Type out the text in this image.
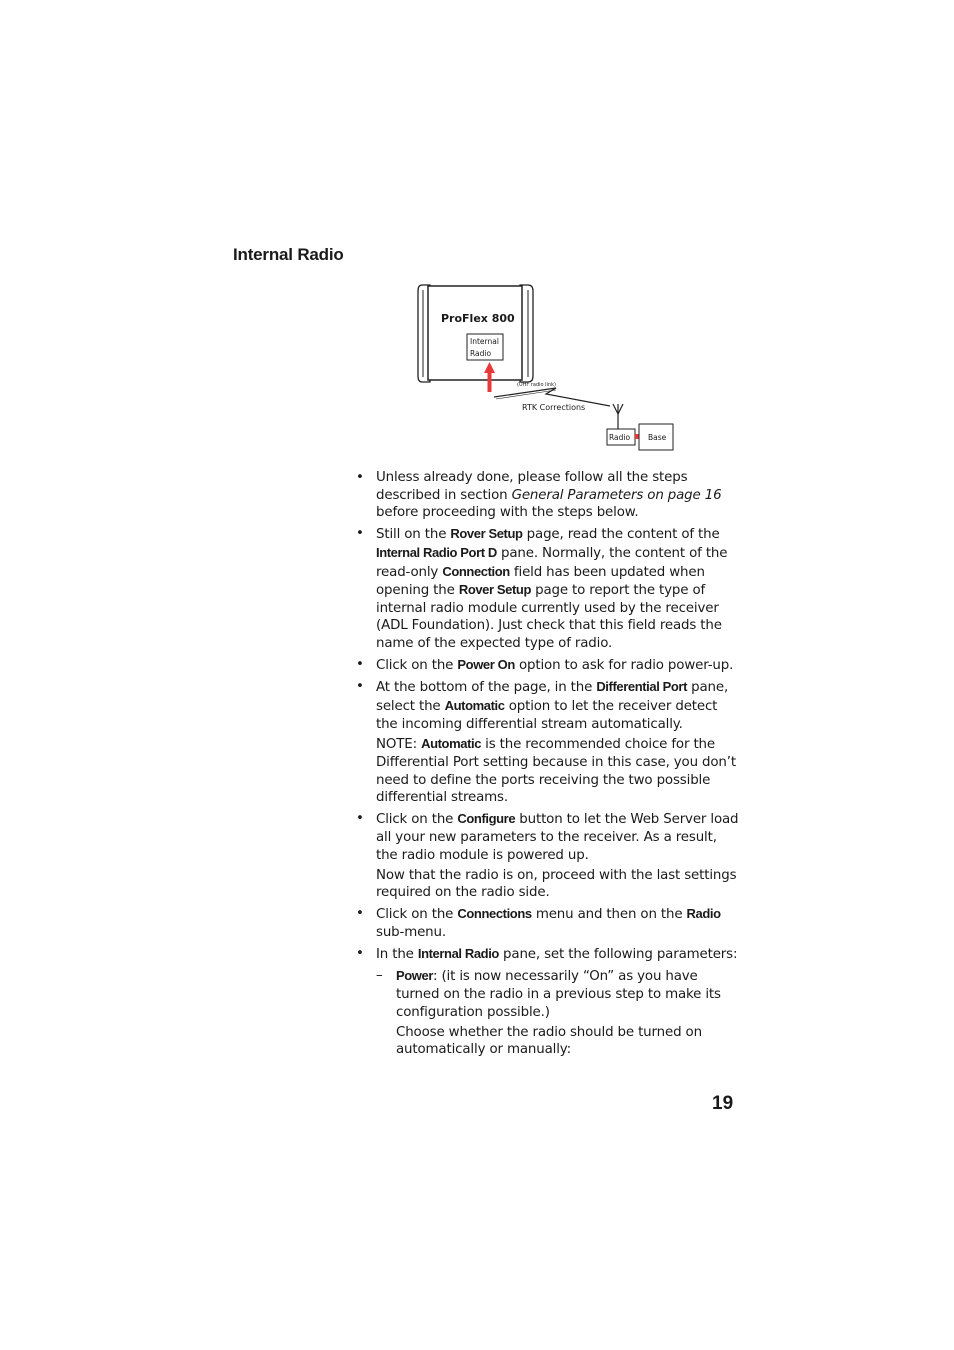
Internal Radio
ProFlex 800
Internal
Radio
(UHF radio link)
RTK Corrections
Radio Base
• Unless already done, please follow all the steps described in section General Parameters on page 16 before proceeding with the steps below.
• Still on the Rover Setup page, read the content of the Internal Radio Port D pane. Normally, the content of the read-only Connection field has been updated when opening the Rover Setup page to report the type of internal radio module currently used by the receiver (ADL Foundation). Just check that this field reads the name of the expected type of radio.
• Click on the Power On option to ask for radio power-up.
• At the bottom of the page, in the Differential Port pane, select the Automatic option to let the receiver detect the incoming differential stream automatically.
NOTE: Automatic is the recommended choice for the Differential Port setting because in this case, you don’t need to define the ports receiving the two possible differential streams.
• Click on the Configure button to let the Web Server load all your new parameters to the receiver. As a result, the radio module is powered up.
Now that the radio is on, proceed with the last settings required on the radio side.
• Click on the Connections menu and then on the Radio sub-menu.
• In the Internal Radio pane, set the following parameters:
– Power: (it is now necessarily “On” as you have turned on the radio in a previous step to make its configuration possible.)
Choose whether the radio should be turned on automatically or manually:
19
